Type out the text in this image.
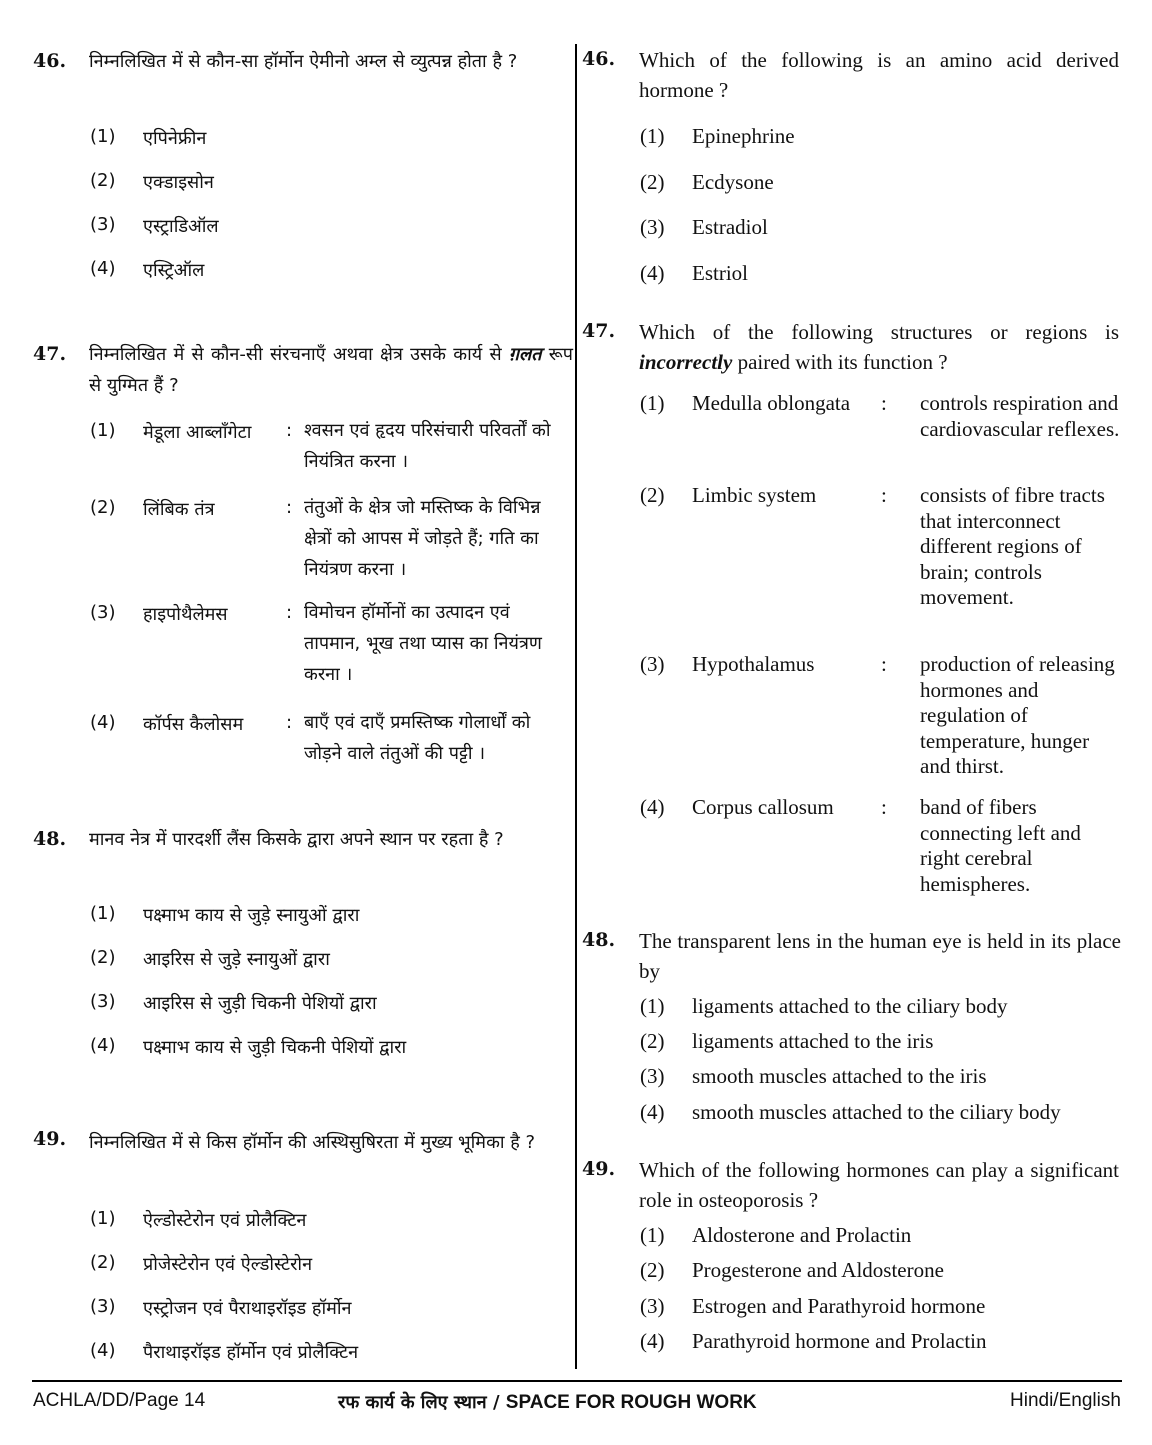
46. निम्नलिखित में से कौन-सा हॉर्मोन ऐमीनो अम्ल से व्युत्पन्न होता है ?
(1) एपिनेफ्रीन
(2) एक्डाइसोन
(3) एस्ट्राडिऑल
(4) एस्ट्रिऑल
47. निम्नलिखित में से कौन-सी संरचनाएँ अथवा क्षेत्र उसके कार्य से ग़लत रूप से युग्मित हैं ?
(1) मेडूला आब्लाँगेटा : श्वसन एवं हृदय परिसंचारी परिवर्तों को नियंत्रित करना ।
(2) लिंबिक तंत्र	: तंतुओं के क्षेत्र जो मस्तिष्क के विभिन्न क्षेत्रों को आपस में जोड़ते हैं; गति का नियंत्रण करना ।
(3) हाइपोथैलेमस	: विमोचन हॉर्मोनों का उत्पादन एवं तापमान, भूख तथा प्यास का नियंत्रण करना ।
(4) कॉर्पस कैलोसम : बाएँ एवं दाएँ प्रमस्तिष्क गोलार्धों को जोड़ने वाले तंतुओं की पट्टी ।
48. मानव नेत्र में पारदर्शी लैंस किसके द्वारा अपने स्थान पर रहता है ?
(1) पक्ष्माभ काय से जुड़े स्नायुओं द्वारा
(2) आइरिस से जुड़े स्नायुओं द्वारा
(3) आइरिस से जुड़ी चिकनी पेशियों द्वारा
(4) पक्ष्माभ काय से जुड़ी चिकनी पेशियों द्वारा
49. निम्नलिखित में से किस हॉर्मोन की अस्थिसुषिरता में मुख्य भूमिका है ?
(1) ऐल्डोस्टेरोन एवं प्रोलैक्टिन
(2) प्रोजेस्टेरोन एवं ऐल्डोस्टेरोन
(3) एस्ट्रोजन एवं पैराथाइरॉइड हॉर्मोन
(4) पैराथाइरॉइड हॉर्मोन एवं प्रोलैक्टिन
46. Which of the following is an amino acid derived hormone ?
(1) Epinephrine
(2) Ecdysone
(3) Estradiol
(4) Estriol
47. Which of the following structures or regions is incorrectly paired with its function ?
(1) Medulla oblongata : controls respiration and cardiovascular reflexes.
(2) Limbic system	: consists of fibre tracts that interconnect different regions of brain; controls movement.
(3) Hypothalamus	: production of releasing hormones and regulation of temperature, hunger and thirst.
(4) Corpus callosum : band of fibers connecting left and right cerebral hemispheres.
48. The transparent lens in the human eye is held in its place by
(1) ligaments attached to the ciliary body
(2) ligaments attached to the iris
(3) smooth muscles attached to the iris
(4) smooth muscles attached to the ciliary body
49. Which of the following hormones can play a significant role in osteoporosis ?
(1) Aldosterone and Prolactin
(2) Progesterone and Aldosterone
(3) Estrogen and Parathyroid hormone
(4) Parathyroid hormone and Prolactin
ACHLA/DD/Page 14	रफ कार्य के लिए स्थान / SPACE FOR ROUGH WORK	Hindi/English
